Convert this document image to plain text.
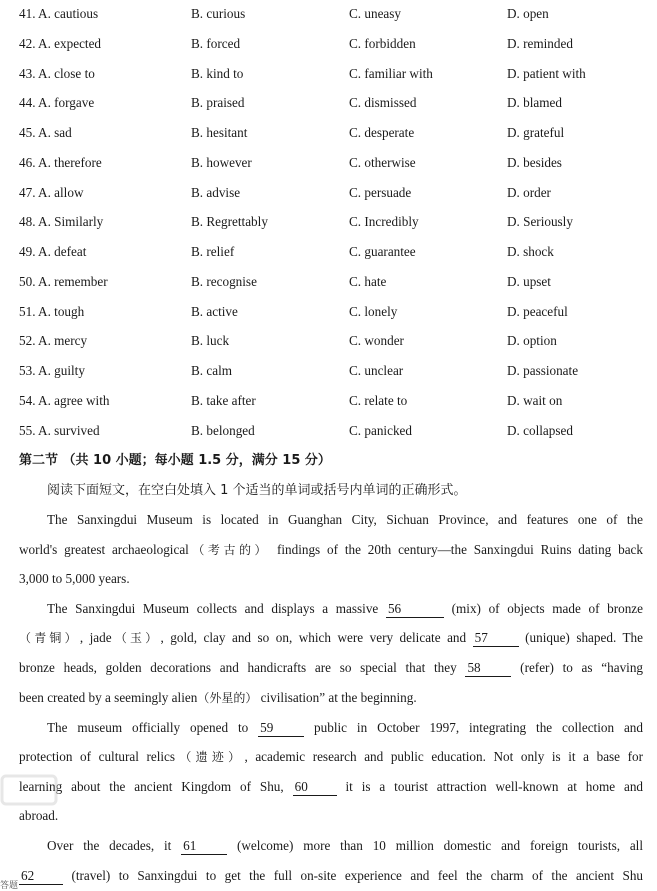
41. A. cautious	B. curious	C. uneasy	D. open
42. A. expected	B. forced	C. forbidden	D. reminded
43. A. close to	B. kind to	C. familiar with	D. patient with
44. A. forgave	B. praised	C. dismissed	D. blamed
45. A. sad	B. hesitant	C. desperate	D. grateful
46. A. therefore	B. however	C. otherwise	D. besides
47. A. allow	B. advise	C. persuade	D. order
48. A. Similarly	B. Regrettably	C. Incredibly	D. Seriously
49. A. defeat	B. relief	C. guarantee	D. shock
50. A. remember	B. recognise	C. hate	D. upset
51. A. tough	B. active	C. lonely	D. peaceful
52. A. mercy	B. luck	C. wonder	D. option
53. A. guilty	B. calm	C. unclear	D. passionate
54. A. agree with	B. take after	C. relate to	D. wait on
55. A. survived	B. belonged	C. panicked	D. collapsed
第二节 （共 10 小题；每小题 1.5 分，满分 15 分）
阅读下面短文，在空白处填入 1 个适当的单词或括号内单词的正确形式。
The Sanxingdui Museum is located in Guanghan City, Sichuan Province, and features one of the
world's greatest archaeological（考古的） findings of the 20th century—the Sanxingdui Ruins dating back
3,000 to 5,000 years.
The Sanxingdui Museum collects and displays a massive 56	(mix) of objects made of bronze
（青铜）, jade（玉）, gold, clay and so on, which were very delicate and 57	(unique) shaped. The
bronze heads, golden decorations and handicrafts are so special that they 58	(refer) to as “having
been created by a seemingly alien（外星的） civilisation” at the beginning.
The museum officially opened to 59	public in October 1997, integrating the collection and
protection of cultural relics（遗迹）, academic research and public education. Not only is it a base for
learning about the ancient Kingdom of Shu, 60	it is a tourist attraction well-known at home and
abroad.
Over the decades, it 61	(welcome) more than 10 million domestic and foreign tourists, all
62	(travel) to Sanxingdui to get the full on-site experience and feel the charm of the ancient Shu
答题
